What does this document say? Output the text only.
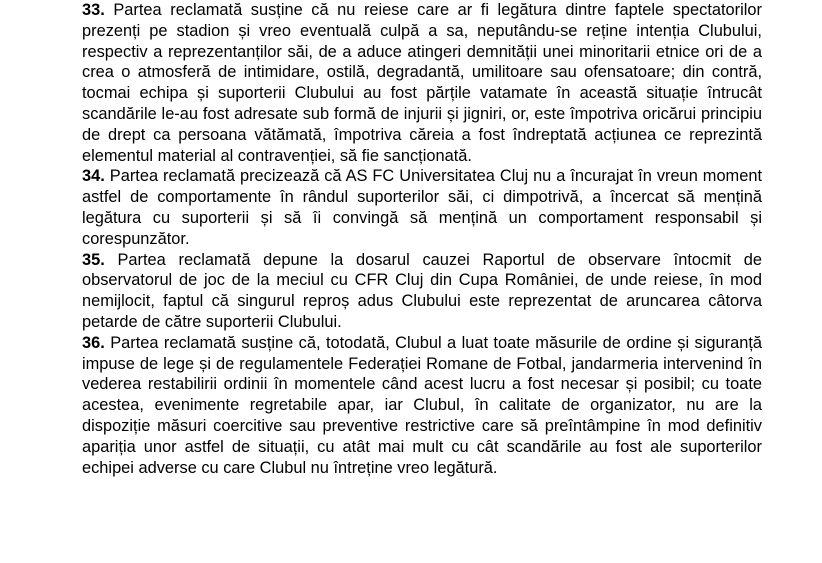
33. Partea reclamată susține că nu reiese care ar fi legătura dintre faptele spectatorilor prezenți pe stadion și vreo eventuală culpă a sa, neputându-se reține intenția Clubului, respectiv a reprezentanților săi, de a aduce atingeri demnității unei minoritarii etnice ori de a crea o atmosferă de intimidare, ostilă, degradantă, umilitoare sau ofensatoare; din contră, tocmai echipa și suporterii Clubului au fost părțile vatamate în această situație întrucât scandările le-au fost adresate sub formă de injurii și jigniri, or, este împotriva oricărui principiu de drept ca persoana vătămată, împotriva căreia a fost îndreptată acțiunea ce reprezintă elementul material al contravenției, să fie sancționată.

34. Partea reclamată precizează că AS FC Universitatea Cluj nu a încurajat în vreun moment astfel de comportamente în rândul suporterilor săi, ci dimpotrivă, a încercat să mențină legătura cu suporterii și să îi convingă să mențină un comportament responsabil și corespunzător.

35. Partea reclamată depune la dosarul cauzei Raportul de observare întocmit de observatorul de joc de la meciul cu CFR Cluj din Cupa României, de unde reiese, în mod nemijlocit, faptul că singurul reproș adus Clubului este reprezentat de aruncarea câtorva petarde de către suporterii Clubului.

36. Partea reclamată susține că, totodată, Clubul a luat toate măsurile de ordine și siguranță impuse de lege și de regulamentele Federației Romane de Fotbal, jandarmeria intervenind în vederea restabilirii ordinii în momentele când acest lucru a fost necesar și posibil; cu toate acestea, evenimente regretabile apar, iar Clubul, în calitate de organizator, nu are la dispoziție măsuri coercitive sau preventive restrictive care să preîntâmpine în mod definitiv apariția unor astfel de situații, cu atât mai mult cu cât scandările au fost ale suporterilor echipei adverse cu care Clubul nu întreține vreo legătură.
